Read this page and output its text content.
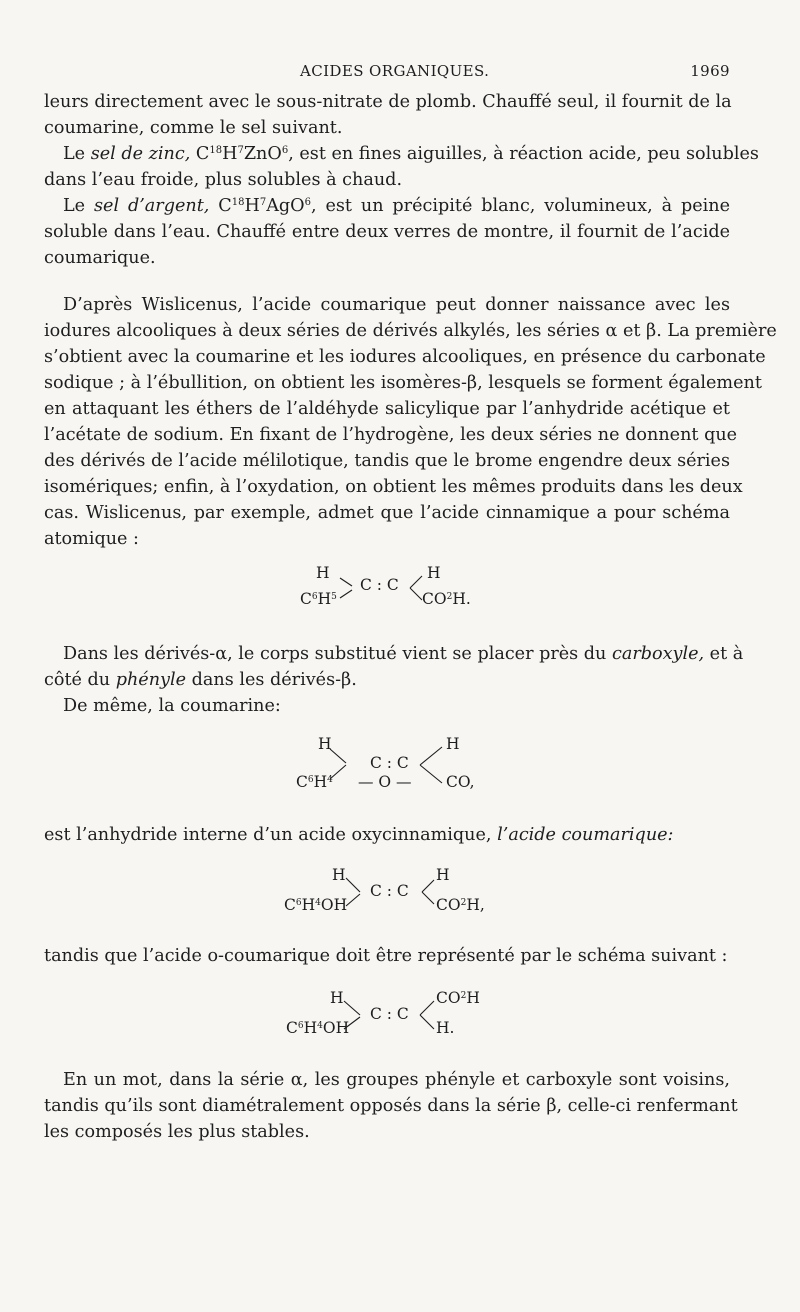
ACIDES ORGANIQUES.	1969
leurs directement avec le sous-nitrate de plomb. Chauffé seul, il fournit de la
coumarine, comme le sel suivant.
Le sel de zinc, $C^{18}H^7ZnO^6$, est en fines aiguilles, à réaction acide, peu solubles
dans l’eau froide, plus solubles à chaud.
Le sel d’argent, $C^{18}H^7AgO^6$, est un précipité blanc, volumineux, à peine
soluble dans l’eau. Chauffé entre deux verres de montre, il fournit de l’acide
coumarique.
D’après Wislicenus, l’acide coumarique peut donner naissance avec les
iodures alcooliques à deux séries de dérivés alkylés, les séries α et β. La première
s’obtient avec la coumarine et les iodures alcooliques, en présence du carbonate
sodique ; à l’ébullition, on obtient les isomères-β, lesquels se forment également
en attaquant les éthers de l’aldéhyde salicylique par l’anhydride acétique et
l’acétate de sodium. En fixant de l’hydrogène, les deux séries ne donnent que
des dérivés de l’acide mélilotique, tandis que le brome engendre deux séries
isomériques; enfin, à l’oxydation, on obtient les mêmes produits dans les deux
cas. Wislicenus, par exemple, admet que l’acide cinnamique a pour schéma
atomique :
H
$C^6H^5$
C : C
H
$CO^2H$.
Dans les dérivés-α, le corps substitué vient se placer près du carboxyle, et à
côté du phényle dans les dérivés-β.
De même, la coumarine:
H
$C^6H^4$
C : C
— O —
H
CO,
est l’anhydride interne d’un acide oxycinnamique, l’acide coumarique:
H
$C^6H^4OH$
C : C
H
$CO^2H$,
tandis que l’acide o-coumarique doit être représenté par le schéma suivant :
H
$C^6H^4OH$
C : C
$CO^2H$
H.
En un mot, dans la série α, les groupes phényle et carboxyle sont voisins,
tandis qu’ils sont diamétralement opposés dans la série β, celle-ci renfermant
les composés les plus stables.
